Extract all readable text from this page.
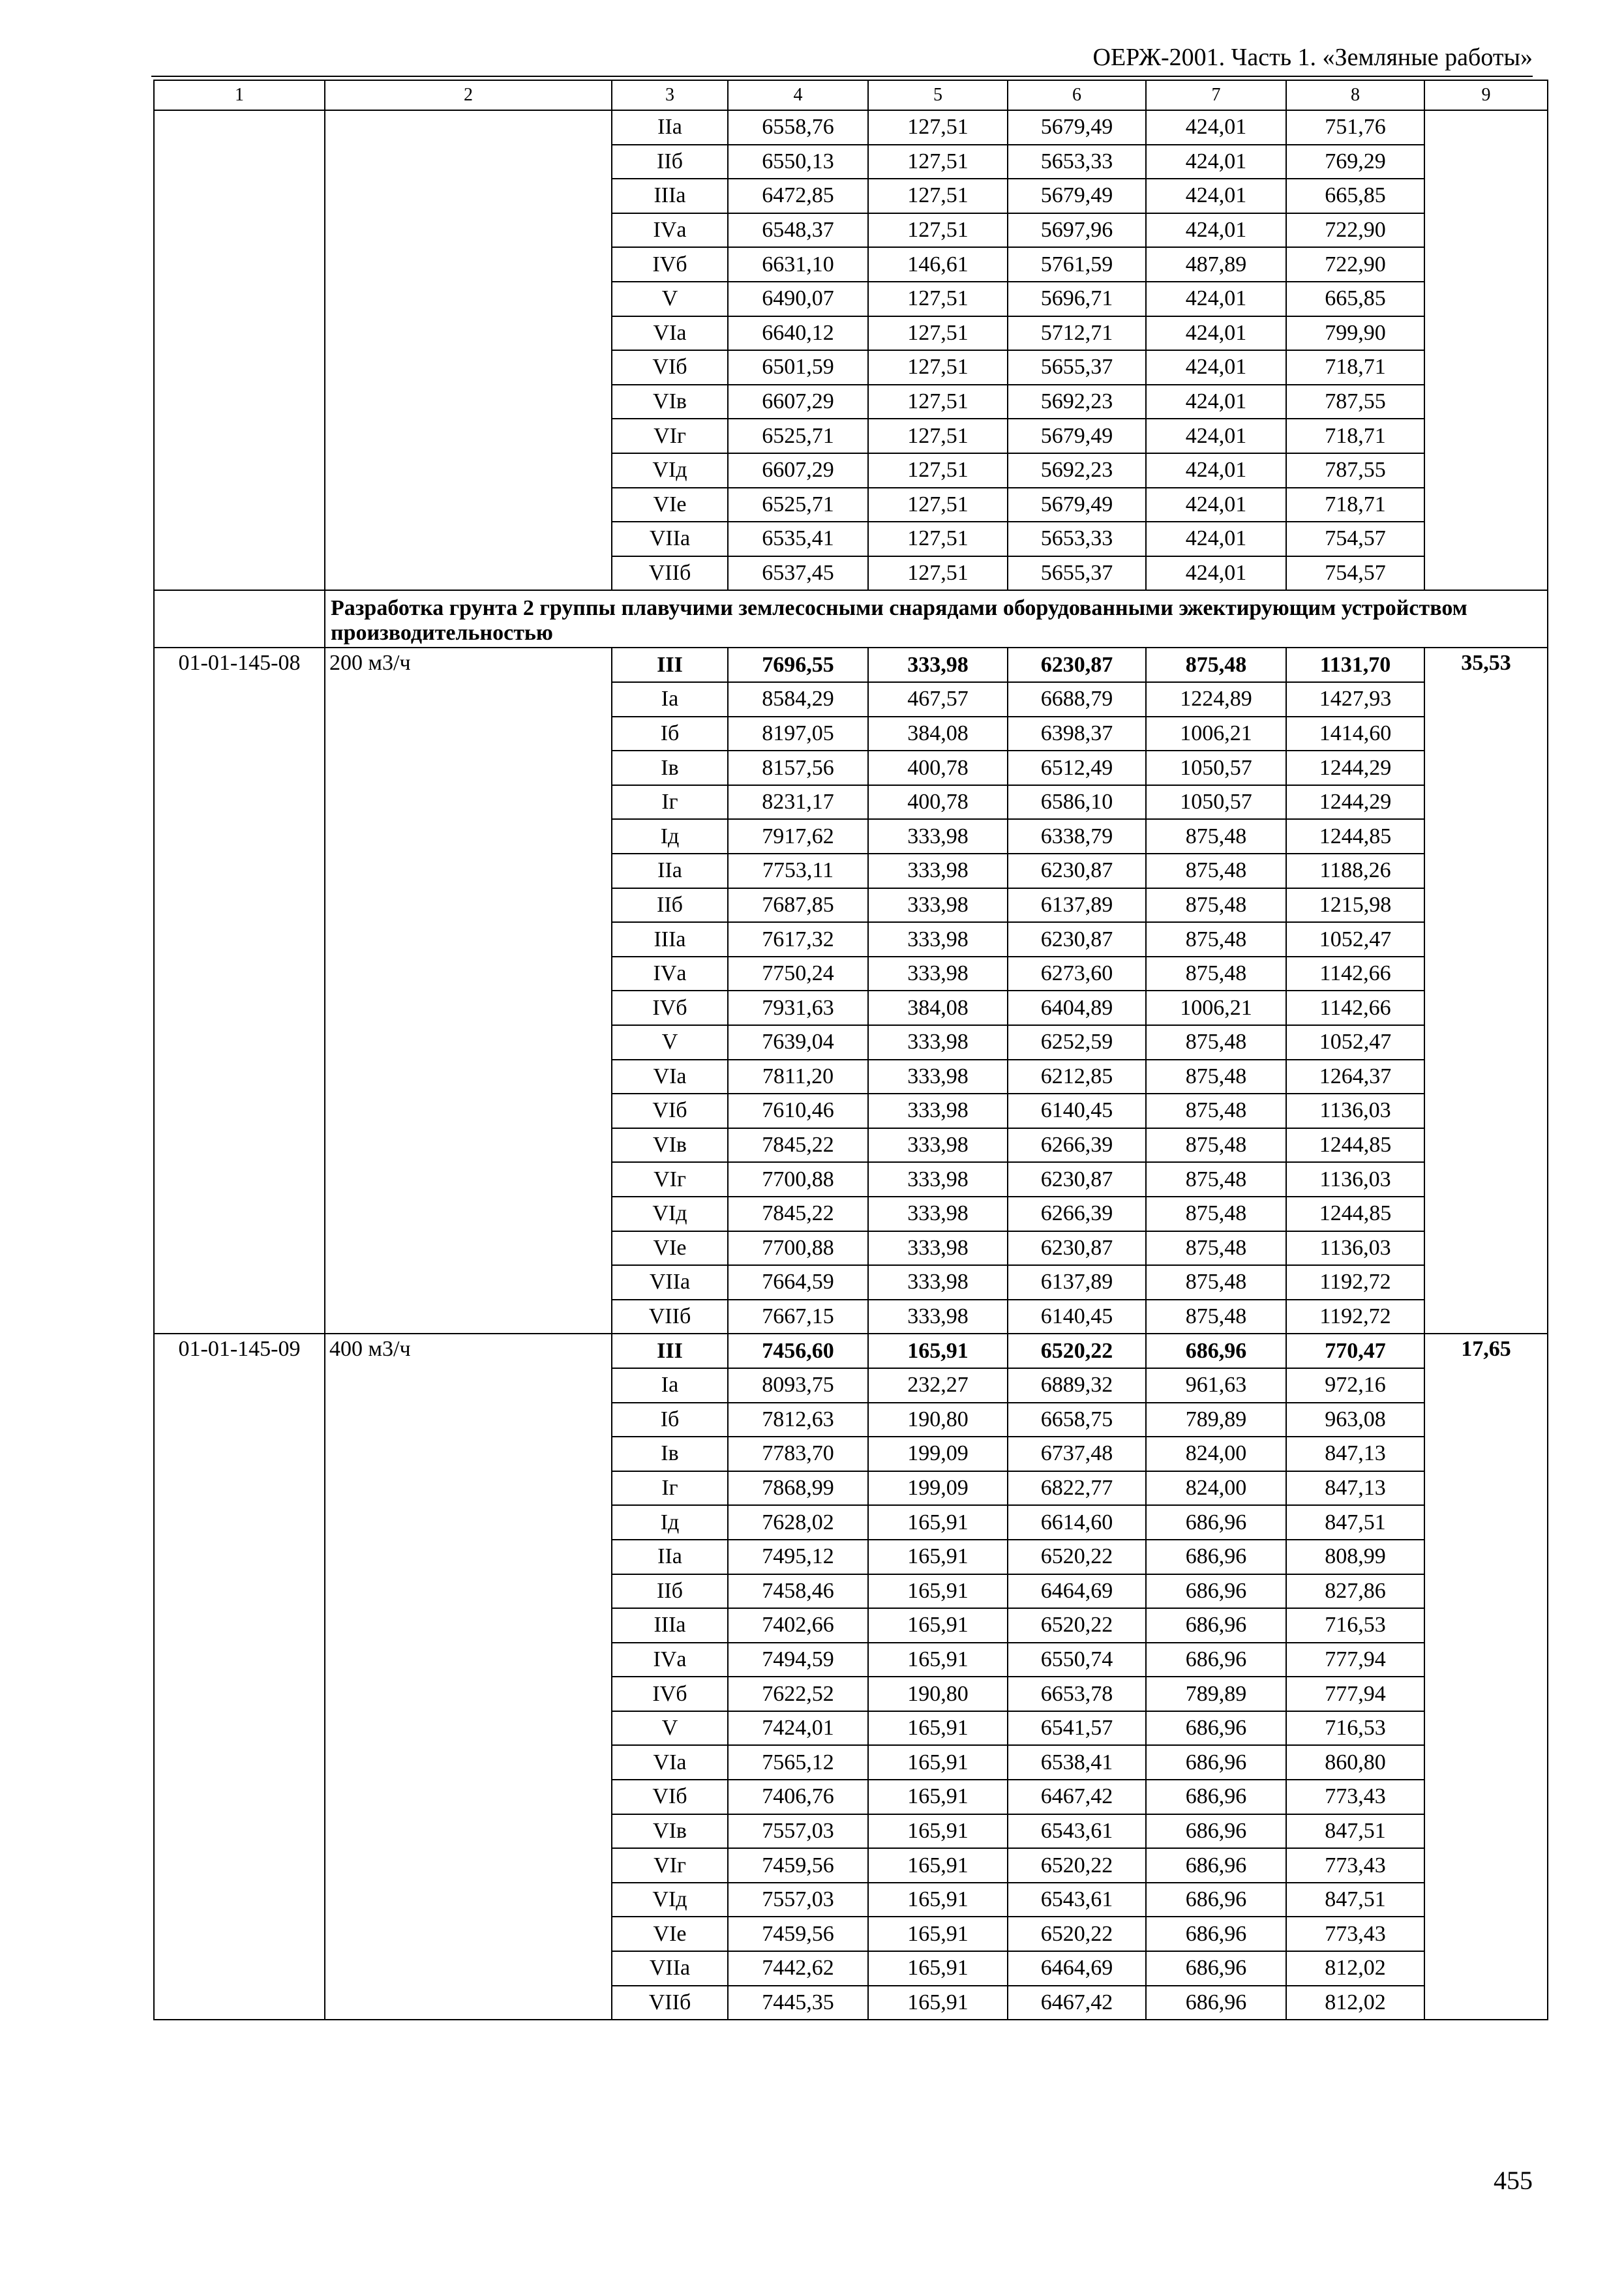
ОЕРЖ-2001. Часть 1. «Земляные работы»
1	2	3	4	5	6	7	8	9
		IIа	6558,76	127,51	5679,49	424,01	751,76	
		IIб	6550,13	127,51	5653,33	424,01	769,29	
		IIIа	6472,85	127,51	5679,49	424,01	665,85	
		IVа	6548,37	127,51	5697,96	424,01	722,90	
		IVб	6631,10	146,61	5761,59	487,89	722,90	
		V	6490,07	127,51	5696,71	424,01	665,85	
		VIа	6640,12	127,51	5712,71	424,01	799,90	
		VIб	6501,59	127,51	5655,37	424,01	718,71	
		VIв	6607,29	127,51	5692,23	424,01	787,55	
		VIг	6525,71	127,51	5679,49	424,01	718,71	
		VIд	6607,29	127,51	5692,23	424,01	787,55	
		VIе	6525,71	127,51	5679,49	424,01	718,71	
		VIIа	6535,41	127,51	5653,33	424,01	754,57	
		VIIб	6537,45	127,51	5655,37	424,01	754,57	
	Разработка грунта 2 группы плавучими землесосными снарядами оборудованными эжектирующим устройством производительностью							
01-01-145-08	200 м3/ч	III	7696,55	333,98	6230,87	875,48	1131,70	35,53
		Iа	8584,29	467,57	6688,79	1224,89	1427,93	
		Iб	8197,05	384,08	6398,37	1006,21	1414,60	
		Iв	8157,56	400,78	6512,49	1050,57	1244,29	
		Iг	8231,17	400,78	6586,10	1050,57	1244,29	
		Iд	7917,62	333,98	6338,79	875,48	1244,85	
		IIа	7753,11	333,98	6230,87	875,48	1188,26	
		IIб	7687,85	333,98	6137,89	875,48	1215,98	
		IIIа	7617,32	333,98	6230,87	875,48	1052,47	
		IVа	7750,24	333,98	6273,60	875,48	1142,66	
		IVб	7931,63	384,08	6404,89	1006,21	1142,66	
		V	7639,04	333,98	6252,59	875,48	1052,47	
		VIа	7811,20	333,98	6212,85	875,48	1264,37	
		VIб	7610,46	333,98	6140,45	875,48	1136,03	
		VIв	7845,22	333,98	6266,39	875,48	1244,85	
		VIг	7700,88	333,98	6230,87	875,48	1136,03	
		VIд	7845,22	333,98	6266,39	875,48	1244,85	
		VIе	7700,88	333,98	6230,87	875,48	1136,03	
		VIIа	7664,59	333,98	6137,89	875,48	1192,72	
		VIIб	7667,15	333,98	6140,45	875,48	1192,72	
01-01-145-09	400 м3/ч	III	7456,60	165,91	6520,22	686,96	770,47	17,65
		Iа	8093,75	232,27	6889,32	961,63	972,16	
		Iб	7812,63	190,80	6658,75	789,89	963,08	
		Iв	7783,70	199,09	6737,48	824,00	847,13	
		Iг	7868,99	199,09	6822,77	824,00	847,13	
		Iд	7628,02	165,91	6614,60	686,96	847,51	
		IIа	7495,12	165,91	6520,22	686,96	808,99	
		IIб	7458,46	165,91	6464,69	686,96	827,86	
		IIIа	7402,66	165,91	6520,22	686,96	716,53	
		IVа	7494,59	165,91	6550,74	686,96	777,94	
		IVб	7622,52	190,80	6653,78	789,89	777,94	
		V	7424,01	165,91	6541,57	686,96	716,53	
		VIа	7565,12	165,91	6538,41	686,96	860,80	
		VIб	7406,76	165,91	6467,42	686,96	773,43	
		VIв	7557,03	165,91	6543,61	686,96	847,51	
		VIг	7459,56	165,91	6520,22	686,96	773,43	
		VIд	7557,03	165,91	6543,61	686,96	847,51	
		VIе	7459,56	165,91	6520,22	686,96	773,43	
		VIIа	7442,62	165,91	6464,69	686,96	812,02	
		VIIб	7445,35	165,91	6467,42	686,96	812,02	
455
